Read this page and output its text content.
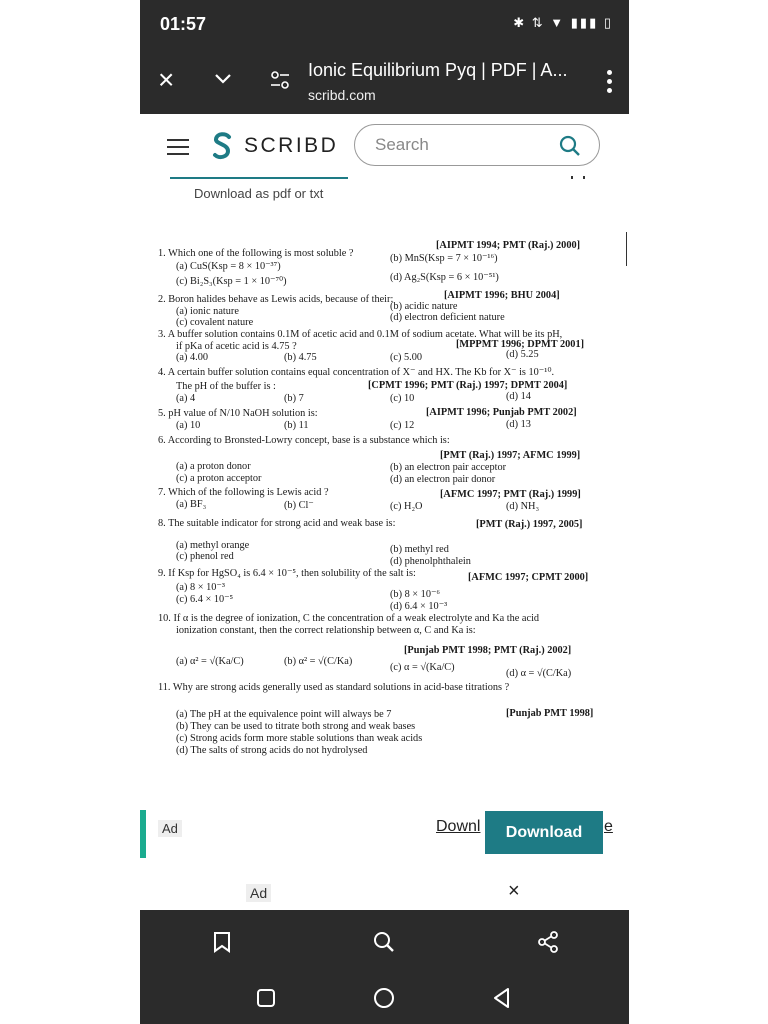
01:57	✱ ⇅ ▼ ▮▮▮ ▯
×	Ionic Equilibrium Pyq | PDF | A...
scribd.com
SCRIBD
Search
Download as pdf or txt
1. Which one of the following is most soluble ?
[AIPMT 1994; PMT (Raj.) 2000]
(a) CuS(Ksp = 8 × 10⁻³⁷)
(b) MnS(Ksp = 7 × 10⁻¹⁶)
(c) Bi₂S₃(Ksp = 1 × 10⁻⁷⁰)	(d) Ag₂S(Ksp = 6 × 10⁻⁵¹)
2. Boron halides behave as Lewis acids, because of their:	[AIPMT 1996; BHU 2004]
(a) ionic nature	(b) acidic nature
(c) covalent nature	(d) electron deficient nature
3. A buffer solution contains 0.1M of acetic acid and 0.1M of sodium acetate. What will be its pH,
if pKa of acetic acid is 4.75 ?	[MPPMT 1996; DPMT 2001]
(a) 4.00	(b) 4.75	(c) 5.00	(d) 5.25
4. A certain buffer solution contains equal concentration of X⁻ and HX. The Kb for X⁻ is 10⁻¹⁰.
The pH of the buffer is :	[CPMT 1996; PMT (Raj.) 1997; DPMT 2004]
(a) 4	(b) 7	(c) 10	(d) 14
5. pH value of N/10 NaOH solution is:	[AIPMT 1996; Punjab PMT 2002]
(a) 10	(b) 11	(c) 12	(d) 13
6. According to Bronsted-Lowry concept, base is a substance which is:
[PMT (Raj.) 1997; AFMC 1999]
(a) a proton donor	(b) an electron pair acceptor
(c) a proton acceptor	(d) an electron pair donor
7. Which of the following is Lewis acid ?	[AFMC 1997; PMT (Raj.) 1999]
(a) BF₃	(b) Cl⁻	(c) H₂O	(d) NH₃
8. The suitable indicator for strong acid and weak base is:	[PMT (Raj.) 1997, 2005]
(a) methyl orange	(b) methyl red
(c) phenol red	(d) phenolphthalein
9. If Ksp for HgSO₄ is 6.4 × 10⁻⁵, then solubility of the salt is:	[AFMC 1997; CPMT 2000]
(a) 8 × 10⁻³
(b) 8 × 10⁻⁶
(c) 6.4 × 10⁻⁵
(d) 6.4 × 10⁻³
10. If α is the degree of ionization, C the concentration of a weak electrolyte and Ka the acid
ionization constant, then the correct relationship between α, C and Ka is:
[Punjab PMT 1998; PMT (Raj.) 2002]
(a) α² = √(Ka/C)	(b) α² = √(C/Ka)
(c) α = √(Ka/C)
(d) α = √(C/Ka)
11. Why are strong acids generally used as standard solutions in acid-base titrations ?
[Punjab PMT 1998]
(a) The pH at the equivalence point will always be 7
(b) They can be used to titrate both strong and weak bases
(c) Strong acids form more stable solutions than weak acids
(d) The salts of strong acids do not hydrolysed
Ad	Downl	e
Download
Ad	×
